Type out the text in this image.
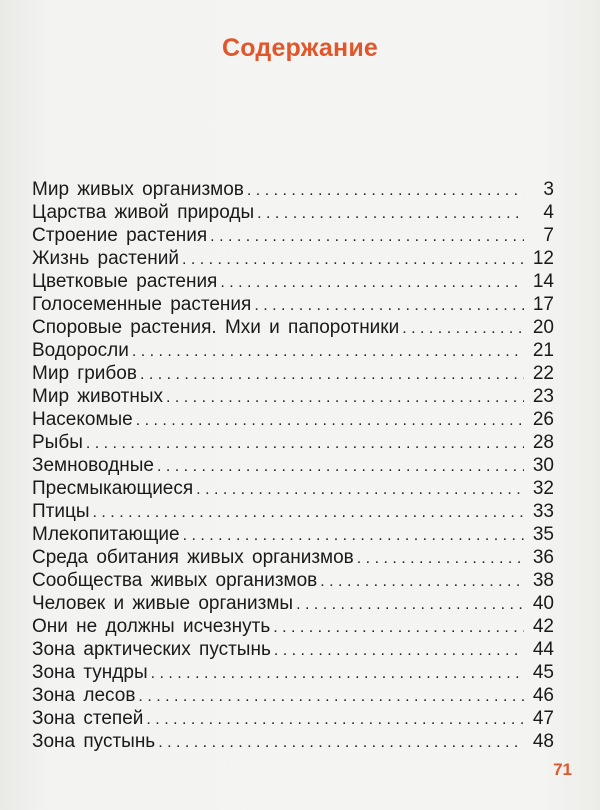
Содержание
Мир живых организмов . . .	3
Царства живой природы . . .	4
Строение растения . . .	7
Жизнь растений . . .	12
Цветковые растения . . .	14
Голосеменные растения . . .	17
Споровые растения. Мхи и папоротники . . .	20
Водоросли . . .	21
Мир грибов . . .	22
Мир животных . . .	23
Насекомые . . .	26
Рыбы . . .	28
Земноводные . . .	30
Пресмыкающиеся . . .	32
Птицы . . .	33
Млекопитающие . . .	35
Среда обитания живых организмов . . .	36
Сообщества живых организмов . . .	38
Человек и живые организмы . . .	40
Они не должны исчезнуть . . .	42
Зона арктических пустынь . . .	44
Зона тундры . . .	45
Зона лесов . . .	46
Зона степей . . .	47
Зона пустынь . . .	48
71
